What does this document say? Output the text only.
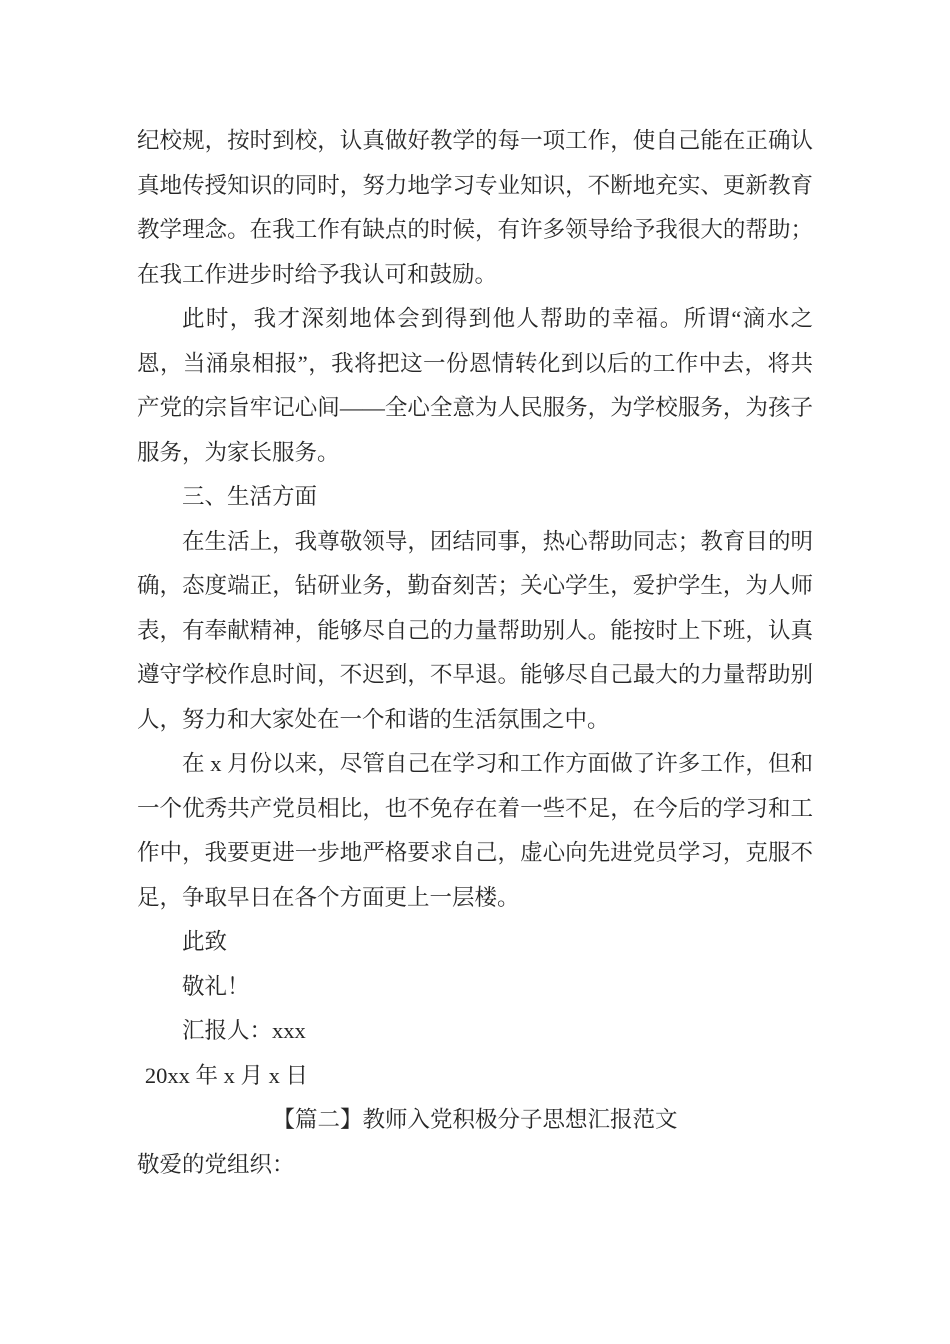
纪校规，按时到校，认真做好教学的每一项工作，使自己能在正确认真地传授知识的同时，努力地学习专业知识，不断地充实、更新教育教学理念。在我工作有缺点的时候，有许多领导给予我很大的帮助；在我工作进步时给予我认可和鼓励。

此时，我才深刻地体会到得到他人帮助的幸福。所谓“滴水之恩，当涌泉相报”，我将把这一份恩情转化到以后的工作中去，将共产党的宗旨牢记心间——全心全意为人民服务，为学校服务，为孩子服务，为家长服务。

三、生活方面

在生活上，我尊敬领导，团结同事，热心帮助同志；教育目的明确，态度端正，钻研业务，勤奋刻苦；关心学生，爱护学生，为人师表，有奉献精神，能够尽自己的力量帮助别人。能按时上下班，认真遵守学校作息时间，不迟到，不早退。能够尽自己最大的力量帮助别人，努力和大家处在一个和谐的生活氛围之中。

在 x 月份以来，尽管自己在学习和工作方面做了许多工作，但和一个优秀共产党员相比，也不免存在着一些不足，在今后的学习和工作中，我要更进一步地严格要求自己，虚心向先进党员学习，克服不足，争取早日在各个方面更上一层楼。

此致

敬礼！

汇报人：xxx

20xx 年 x 月 x 日

【篇二】教师入党积极分子思想汇报范文

敬爱的党组织：
